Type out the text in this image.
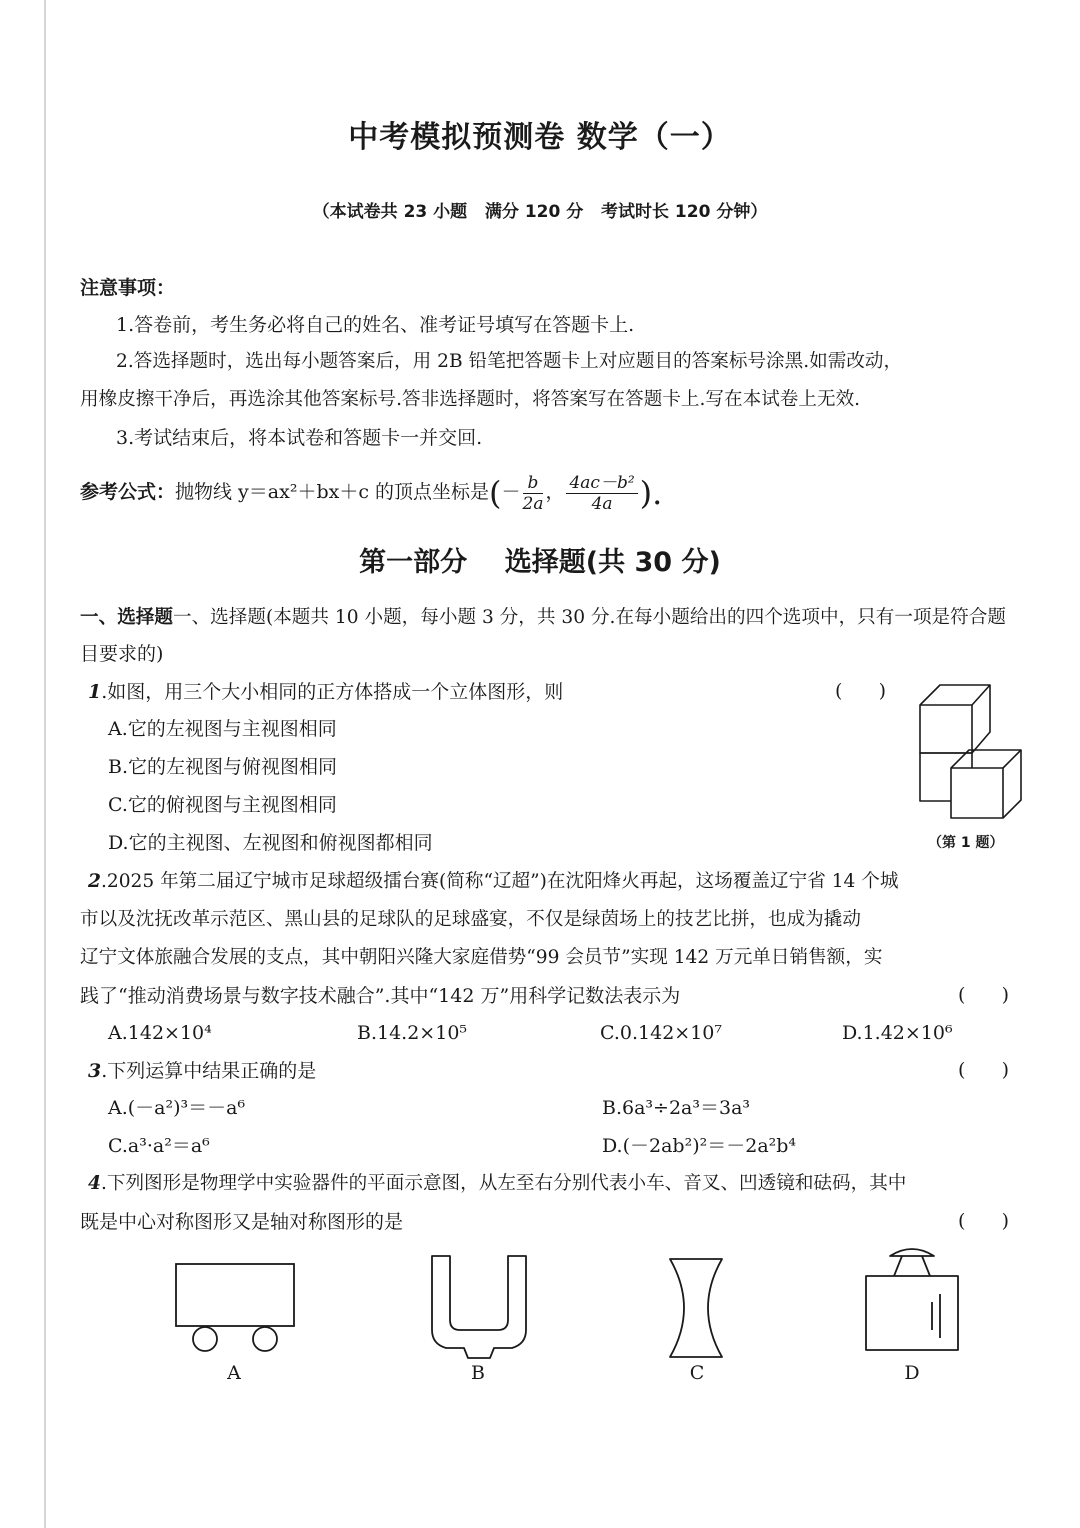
中考模拟预测卷 数学（一）
（本试卷共 23 小题   满分 120 分   考试时长 120 分钟）
注意事项：
1.答卷前，考生务必将自己的姓名、准考证号填写在答题卡上.
2.答选择题时，选出每小题答案后，用 2B 铅笔把答题卡上对应题目的答案标号涂黑.如需改动，
用橡皮擦干净后，再选涂其他答案标号.答非选择题时，将答案写在答题卡上.写在本试卷上无效.
3.考试结束后，将本试卷和答题卡一并交回.
参考公式：抛物线 y＝ax²＋bx＋c 的顶点坐标是(－ $\frac{b}{2a}$ ， $\frac{\text{4ac－b²}}{4a}$ ).
第一部分    选择题(共 30 分)
一、选择题一、选择题(本题共 10 小题，每小题 3 分，共 30 分.在每小题给出的四个选项中，只有一项是符合题
目要求的)
1.如图，用三个大小相同的正方体搭成一个立体图形，则	(      )
A.它的左视图与主视图相同
B.它的左视图与俯视图相同
C.它的俯视图与主视图相同
D.它的主视图、左视图和俯视图都相同	（第 1 题）
2.2025 年第二届辽宁城市足球超级擂台赛(简称“辽超”)在沈阳烽火再起，这场覆盖辽宁省 14 个城
市以及沈抚改革示范区、黑山县的足球队的足球盛宴，不仅是绿茵场上的技艺比拼，也成为撬动
辽宁文体旅融合发展的支点，其中朝阳兴隆大家庭借势“99 会员节”实现 142 万元单日销售额，实
践了“推动消费场景与数字技术融合”.其中“142 万”用科学记数法表示为	(      )
A.142×10⁴	B.14.2×10⁵	C.0.142×10⁷	D.1.42×10⁶
3.下列运算中结果正确的是	(      )
A.(－a²)³＝－a⁶	B.6a³÷2a³＝3a³
C.a³·a²＝a⁶	D.(－2ab²)²＝－2a²b⁴
4.下列图形是物理学中实验器件的平面示意图，从左至右分别代表小车、音叉、凹透镜和砝码，其中
既是中心对称图形又是轴对称图形的是	(      )
A	B	C	D
